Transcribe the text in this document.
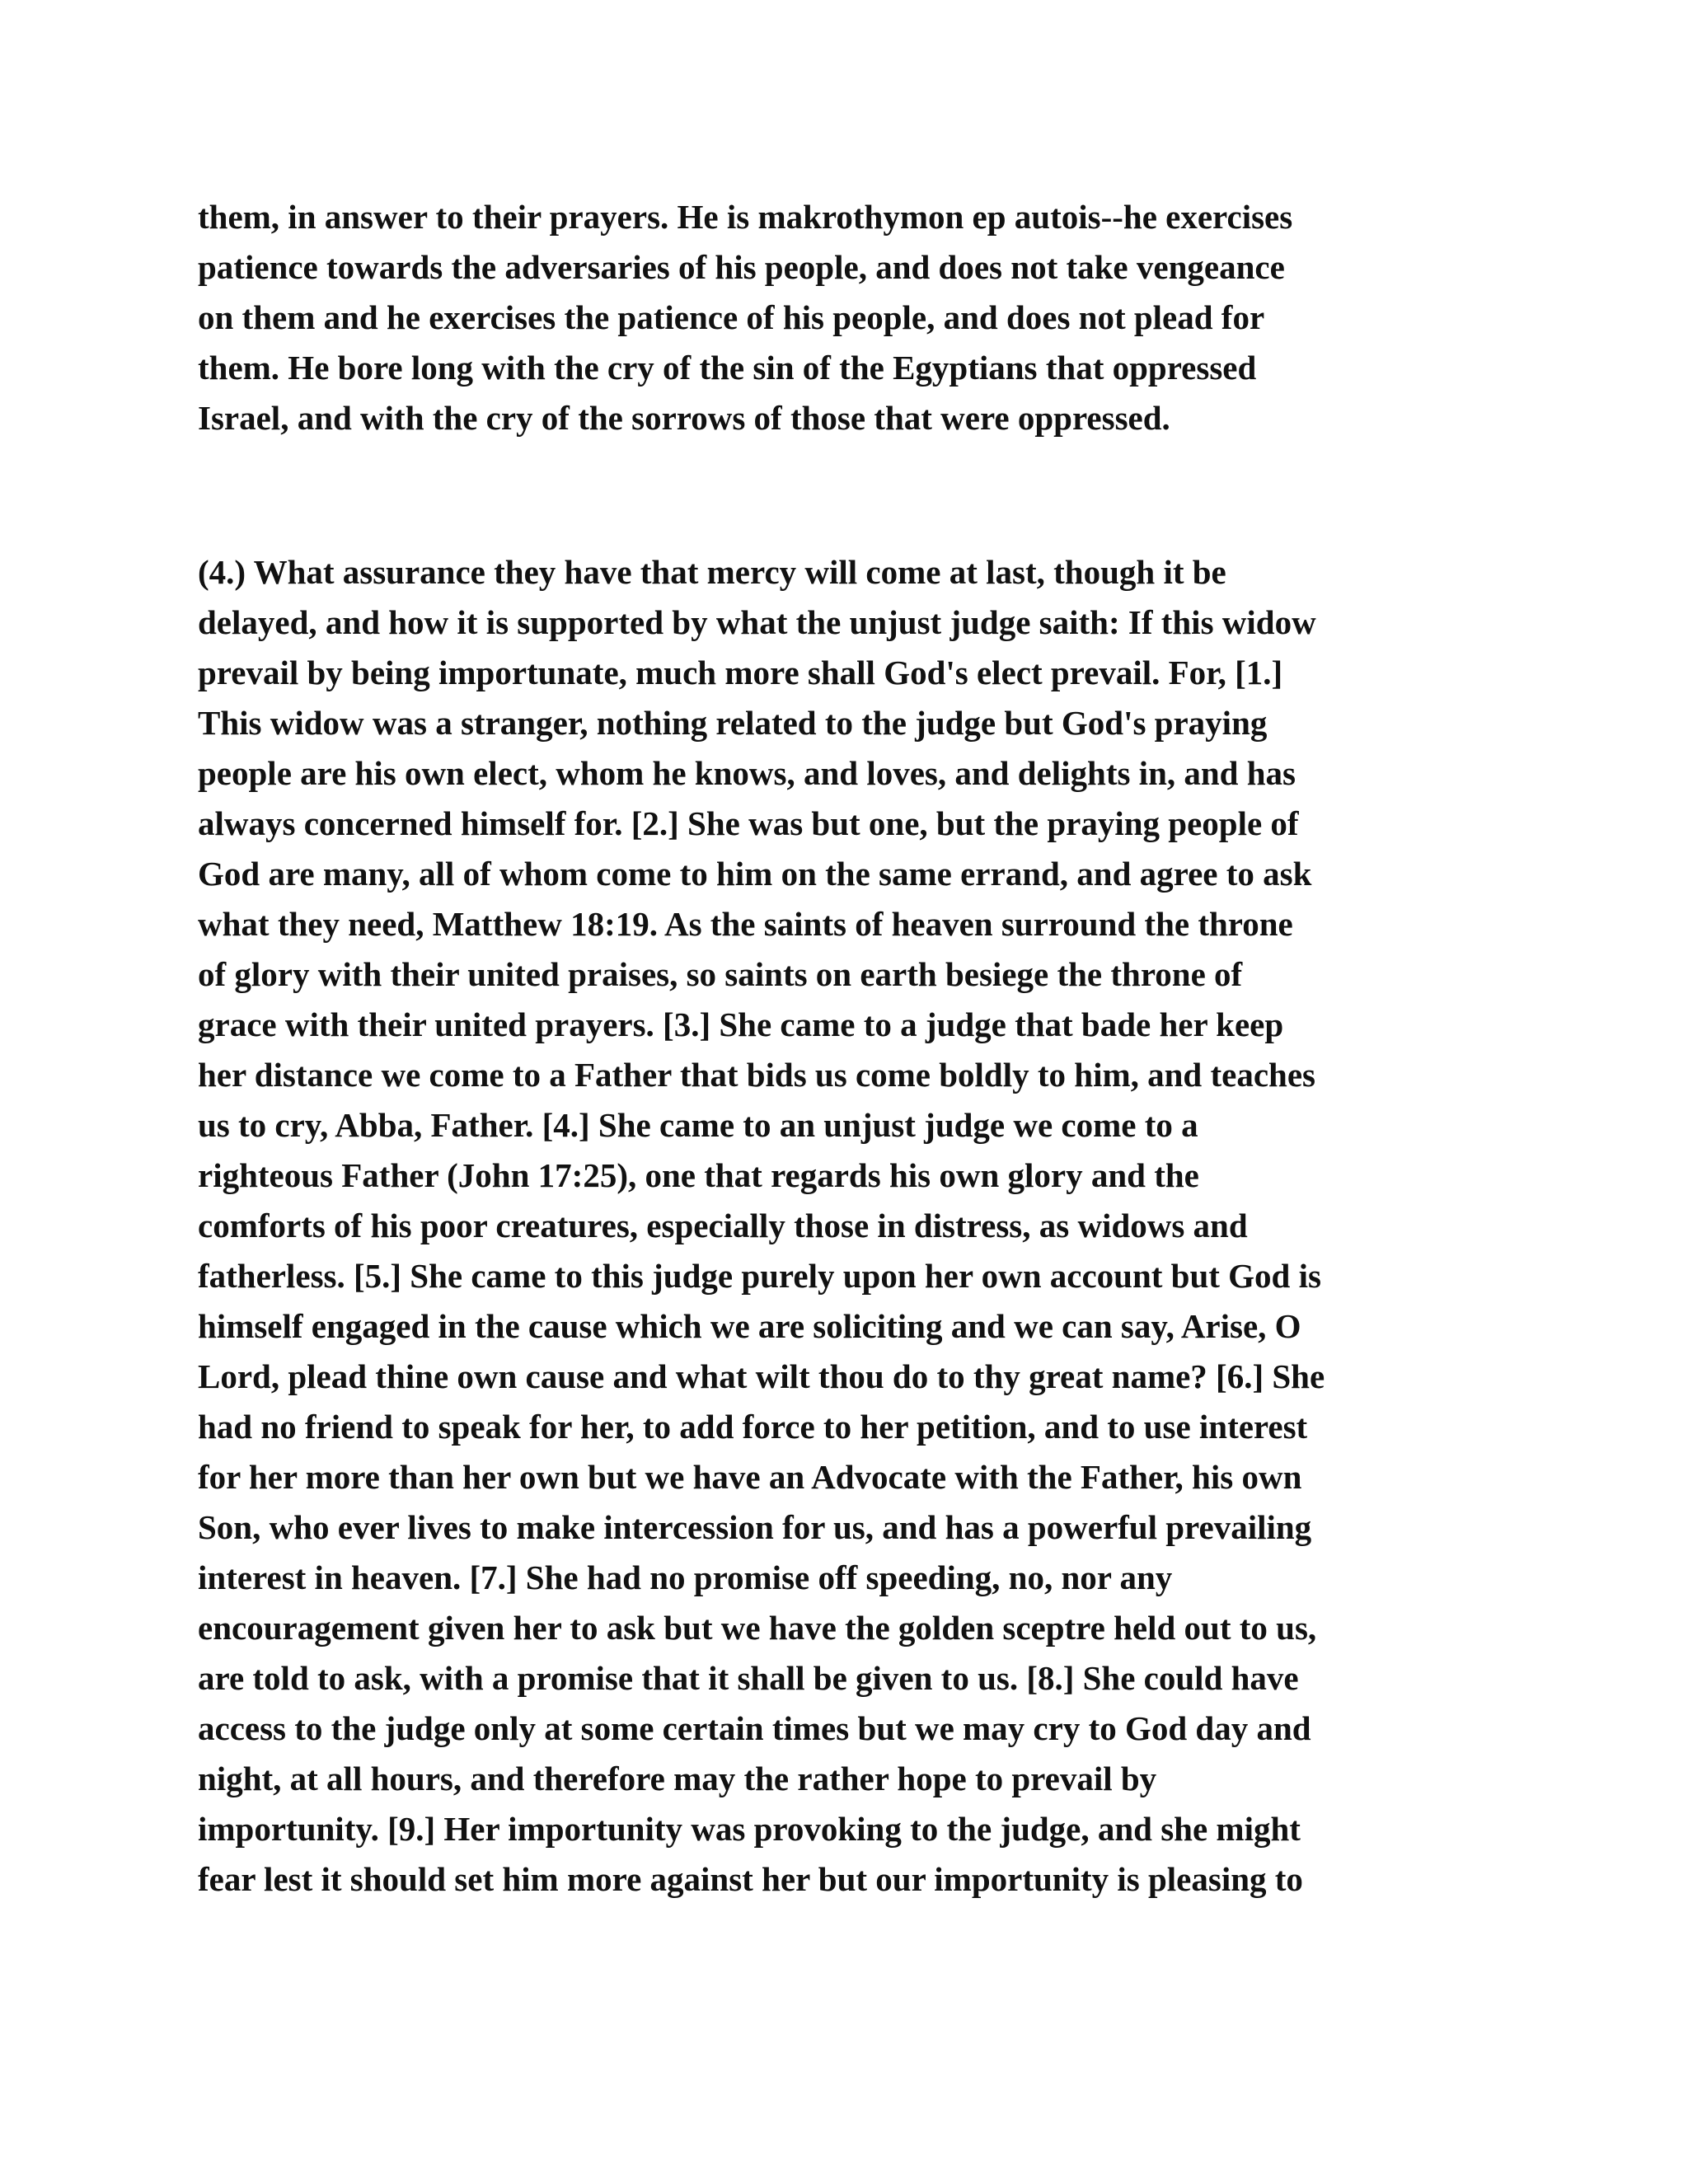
them, in answer to their prayers. He is makrothymon ep autois--he exercises
patience towards the adversaries of his people, and does not take vengeance
on them and he exercises the patience of his people, and does not plead for
them. He bore long with the cry of the sin of the Egyptians that oppressed
Israel, and with the cry of the sorrows of those that were oppressed.
(4.) What assurance they have that mercy will come at last, though it be
delayed, and how it is supported by what the unjust judge saith: If this widow
prevail by being importunate, much more shall God's elect prevail. For, [1.]
This widow was a stranger, nothing related to the judge but God's praying
people are his own elect, whom he knows, and loves, and delights in, and has
always concerned himself for. [2.] She was but one, but the praying people of
God are many, all of whom come to him on the same errand, and agree to ask
what they need, Matthew 18:19. As the saints of heaven surround the throne
of glory with their united praises, so saints on earth besiege the throne of
grace with their united prayers. [3.] She came to a judge that bade her keep
her distance we come to a Father that bids us come boldly to him, and teaches
us to cry, Abba, Father. [4.] She came to an unjust judge we come to a
righteous Father (John 17:25), one that regards his own glory and the
comforts of his poor creatures, especially those in distress, as widows and
fatherless. [5.] She came to this judge purely upon her own account but God is
himself engaged in the cause which we are soliciting and we can say, Arise, O
Lord, plead thine own cause and what wilt thou do to thy great name? [6.] She
had no friend to speak for her, to add force to her petition, and to use interest
for her more than her own but we have an Advocate with the Father, his own
Son, who ever lives to make intercession for us, and has a powerful prevailing
interest in heaven. [7.] She had no promise off speeding, no, nor any
encouragement given her to ask but we have the golden sceptre held out to us,
are told to ask, with a promise that it shall be given to us. [8.] She could have
access to the judge only at some certain times but we may cry to God day and
night, at all hours, and therefore may the rather hope to prevail by
importunity. [9.] Her importunity was provoking to the judge, and she might
fear lest it should set him more against her but our importunity is pleasing to
